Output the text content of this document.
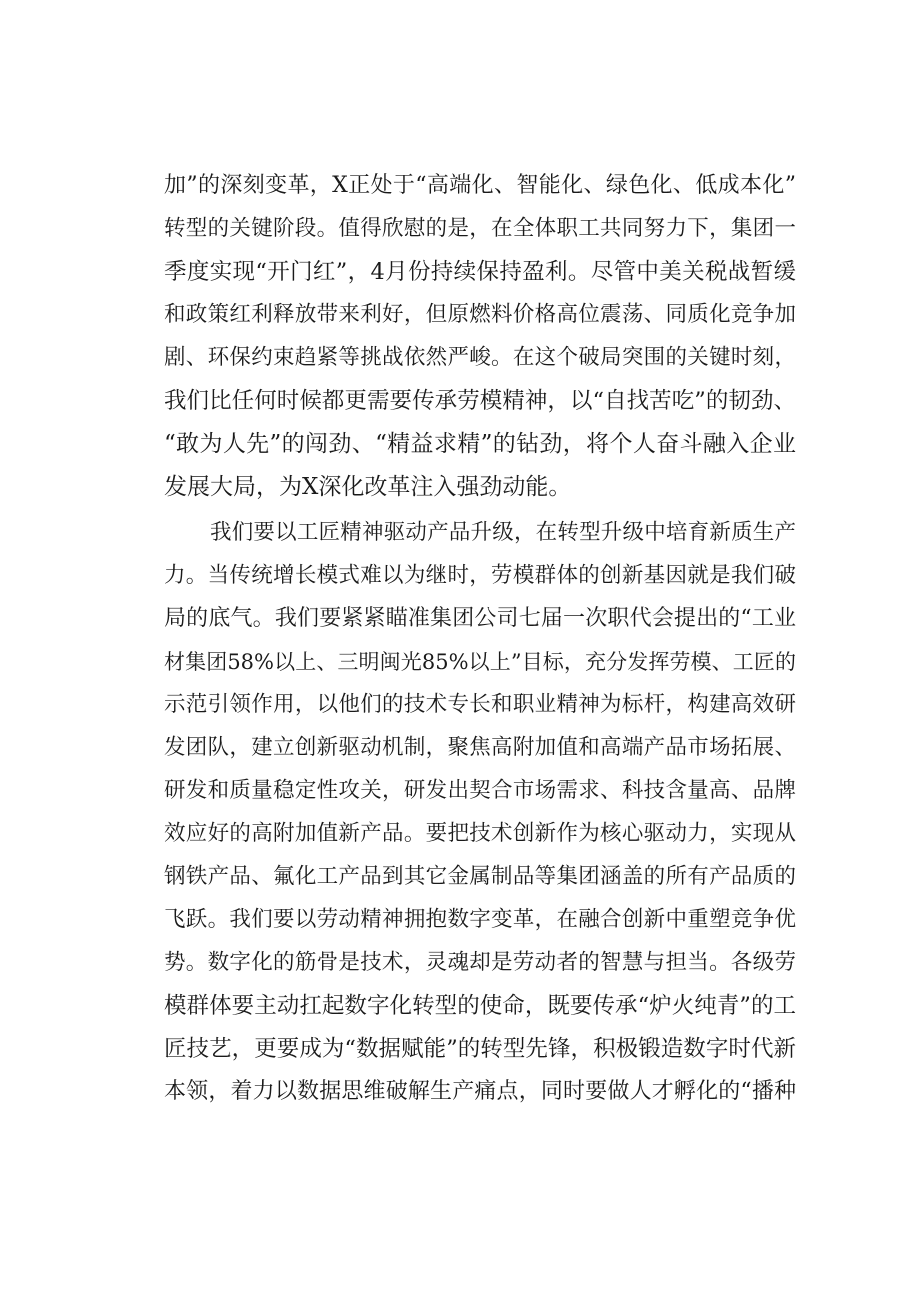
加”的深刻变革，X正处于“高端化、智能化、绿色化、低成本化”
转型的关键阶段。值得欣慰的是，在全体职工共同努力下，集团一
季度实现“开门红”，4月份持续保持盈利。尽管中美关税战暂缓
和政策红利释放带来利好，但原燃料价格高位震荡、同质化竞争加
剧、环保约束趋紧等挑战依然严峻。在这个破局突围的关键时刻，
我们比任何时候都更需要传承劳模精神，以“自找苦吃”的韧劲、
“敢为人先”的闯劲、“精益求精”的钻劲，将个人奋斗融入企业
发展大局，为X深化改革注入强劲动能。
我们要以工匠精神驱动产品升级，在转型升级中培育新质生产
力。当传统增长模式难以为继时，劳模群体的创新基因就是我们破
局的底气。我们要紧紧瞄准集团公司七届一次职代会提出的“工业
材集团58%以上、三明闽光85%以上”目标，充分发挥劳模、工匠的
示范引领作用，以他们的技术专长和职业精神为标杆，构建高效研
发团队，建立创新驱动机制，聚焦高附加值和高端产品市场拓展、
研发和质量稳定性攻关，研发出契合市场需求、科技含量高、品牌
效应好的高附加值新产品。要把技术创新作为核心驱动力，实现从
钢铁产品、氟化工产品到其它金属制品等集团涵盖的所有产品质的
飞跃。我们要以劳动精神拥抱数字变革，在融合创新中重塑竞争优
势。数字化的筋骨是技术，灵魂却是劳动者的智慧与担当。各级劳
模群体要主动扛起数字化转型的使命，既要传承“炉火纯青”的工
匠技艺，更要成为“数据赋能”的转型先锋，积极锻造数字时代新
本领，着力以数据思维破解生产痛点，同时要做人才孵化的“播种
